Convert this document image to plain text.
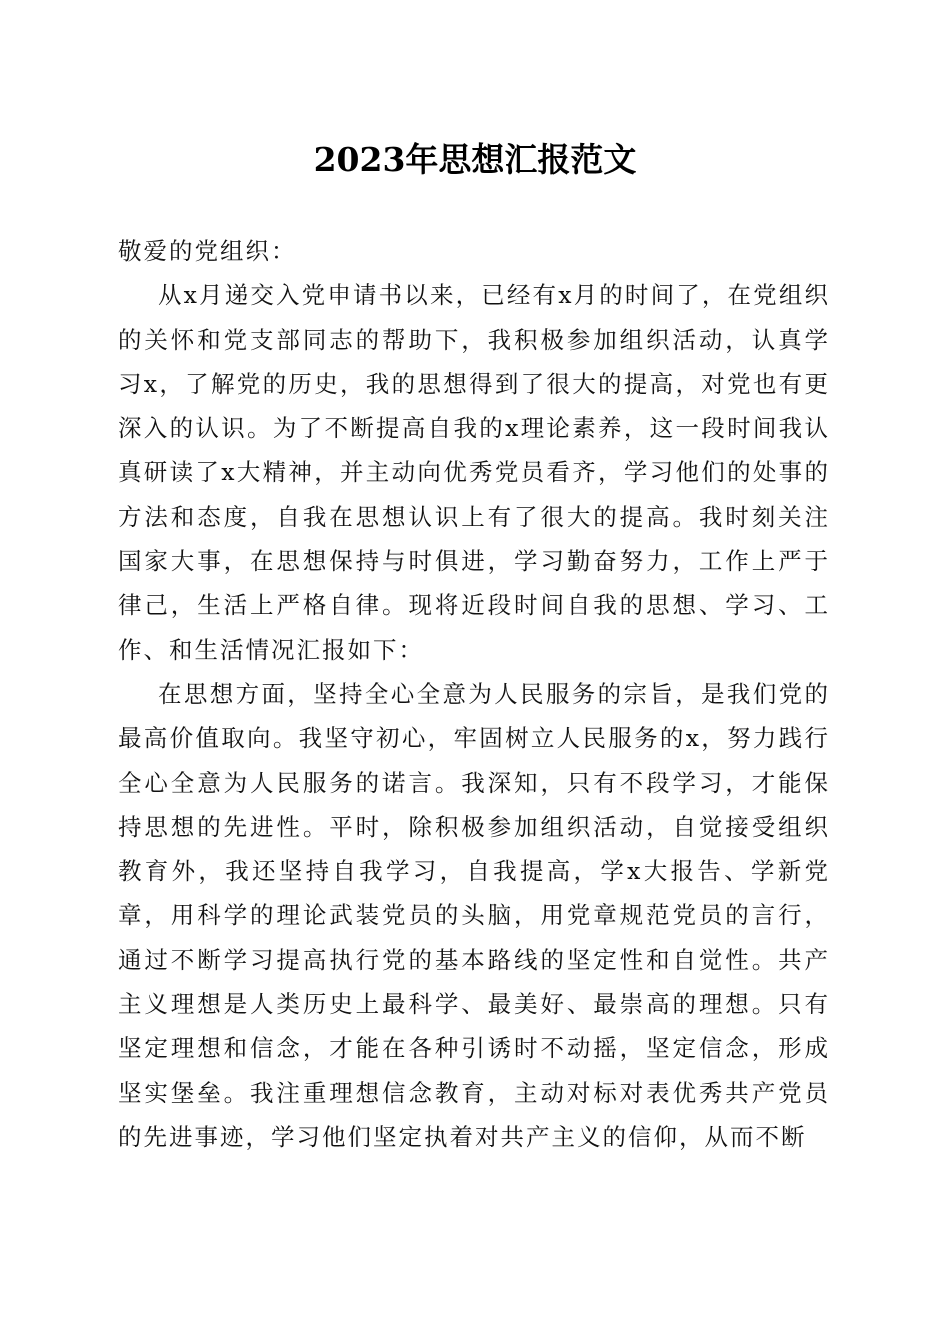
2023年思想汇报范文

敬爱的党组织：

从x月递交入党申请书以来，已经有x月的时间了，在党组织的关怀和党支部同志的帮助下，我积极参加组织活动，认真学习x，了解党的历史，我的思想得到了很大的提高，对党也有更深入的认识。为了不断提高自我的x理论素养，这一段时间我认真研读了x大精神，并主动向优秀党员看齐，学习他们的处事的方法和态度，自我在思想认识上有了很大的提高。我时刻关注国家大事，在思想保持与时俱进，学习勤奋努力，工作上严于律己，生活上严格自律。现将近段时间自我的思想、学习、工作、和生活情况汇报如下：

在思想方面，坚持全心全意为人民服务的宗旨，是我们党的最高价值取向。我坚守初心，牢固树立人民服务的x，努力践行全心全意为人民服务的诺言。我深知，只有不段学习，才能保持思想的先进性。平时，除积极参加组织活动，自觉接受组织教育外，我还坚持自我学习，自我提高，学x大报告、学新党章，用科学的理论武装党员的头脑，用党章规范党员的言行，通过不断学习提高执行党的基本路线的坚定性和自觉性。共产主义理想是人类历史上最科学、最美好、最崇高的理想。只有坚定理想和信念，才能在各种引诱时不动摇，坚定信念，形成坚实堡垒。我注重理想信念教育，主动对标对表优秀共产党员的先进事迹，学习他们坚定执着对共产主义的信仰，从而不断
